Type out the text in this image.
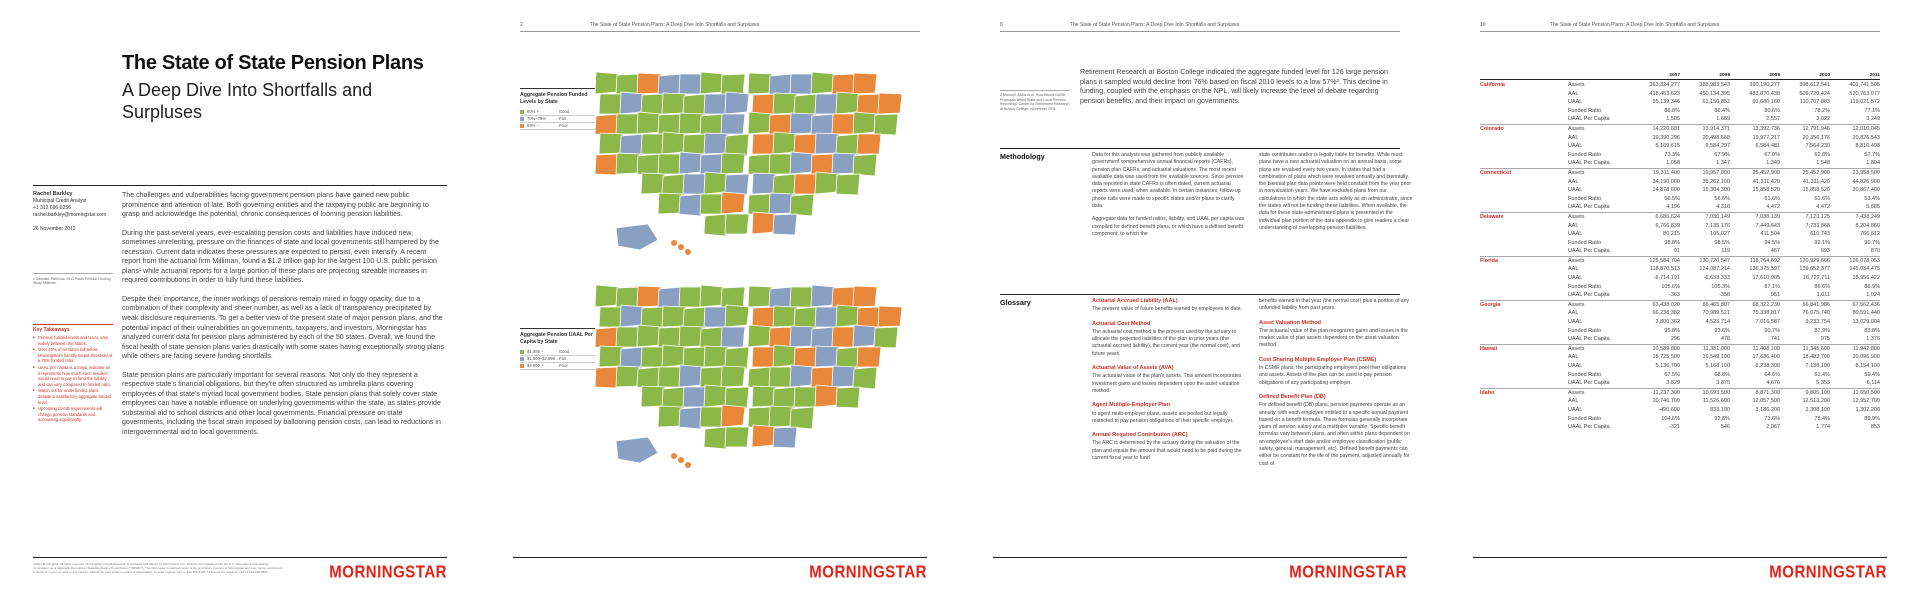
The State of State Pension Plans
A Deep Dive Into Shortfalls and Surpluses
Rachel Barkley
Municipal Credit Analyst
+1 312 696-6256
rachel.barkley@morningstar.com

26 November 2012
1 Dowman, Rebecca. 2012 Public Pension Funding Study. Milliman.
Key Takeaways
■ Pension funded levels and UAAL vary widely between the states.
■ Over 40% of all states fall below Morningstar's fiscally sound threshold of a 70% funded ratio.
■ UAAL per capita is a major indicator as it represents how much each resident would need to pay to fund the liability and can vary compared to funded ratio.
■ Watch out for underfunded plans despite a satisfactory aggregate funded level.
■ Upcoming GASB requirements will change pension standards and accounting significantly.

The challenges and vulnerabilities facing government pension plans have gained new public prominence and attention of late. Both governing entities and the taxpaying public are beginning to grasp and acknowledge the potential, chronic consequences of looming pension liabilities.

During the past several years, ever-escalating pension costs and liabilities have induced new, sometimes unrelenting, pressure on the finances of state and local governments still hampered by the recession. Current data indicates these pressures are expected to persist, even intensify. A recent report from the actuarial firm Milliman, found a $1.2 trillion gap for the largest 100 U.S. public pension plans¹ while actuarial reports for a large portion of these plans are projecting sizeable increases in required contributions in order to fully fund these liabilities.

Despite their importance, the inner workings of pensions remain mired in foggy opacity, due to a combination of their complexity and sheer number, as well as a lack of transparency precipitated by weak disclosure requirements. To get a better view of the present state of major pension plans, and the potential impact of their vulnerabilities on governments, taxpayers, and investors, Morningstar has analyzed current data for pension plans administered by each of the 50 states. Overall, we found the fiscal health of state pension plans varies drastically with some states having exceptionally strong plans while others are facing severe funding shortfalls.

State pension plans are particularly important for several reasons. Not only do they represent a respective state's financial obligations, but they're often structured as umbrella plans covering employees of that state's myriad local government bodies. State pension plans that solely cover state employees can have a notable influence on underlying governments within the state, as states provide substantial aid to school districts and other local governments. Financial pressure on state governments, including the fiscal strain imposed by ballooning pension costs, can lead to reductions in intergovernmental aid to local governments.

©2012 Morningstar. All rights reserved. Morningstar's Credit Research is produced and offered by Morningstar, Inc., which is not registered with the U.S. Securities and Exchange Commission as a Nationally Recognized Statistical Rating Organization ("NRSRO"). The information contained herein is the proprietary property of Morningstar and may not be reproduced, in whole or in part, or used in any manner, without the prior written consent of Morningstar. To order reprints, call +1 312-696-6100. To license the research, call +1 312-696-6869.	MORNINGSTAR
2	The State of State Pension Plans: A Deep Dive Into Shortfalls and Surpluses
Aggregate Pension Funded Levels by State
80% +	Good
70%–79%	Fair
69% –	Poor
Aggregate Pension UAAL Per Capita by State
$1,499 –	Good
$1,500–$2,999 Fair
$3,000 +	Poor
MORNINGSTAR
8	The State of State Pension Plans: A Deep Dive Into Shortfalls and Surpluses
2 Munnell, Alicia et al. How Would GASB Proposals Affect State and Local Pension Reporting? Center for Retirement Research at Boston College. November 2011.
Retirement Research at Boston College indicated the aggregate funded level for 126 large pension plans it sampled would decline from 76% based on fiscal 2010 levels to a low 57%². This decline in funding, coupled with the emphasis on the NPL, will likely increase the level of debate regarding pension benefits, and their impact on governments.
Methodology	Data for this analysis was gathered from publicly available government comprehensive annual financial reports (CAFRs), pension plan CAFRs, and actuarial valuations. The most recent available data was used from the available sources. Since pension data reported in state CAFRs is often dated, current actuarial reports were used, when available. In certain instances, follow-up phone calls were made to specific states and/or plans to clarify data.

Aggregate data for funded ratios, liability, and UAAL per capita was compiled for defined benefit plans, or which have a defined benefit component, to which the

state contributes and/or is legally liable for benefits. While most plans have a new actuarial valuation on an annual basis, some plans are revalued every two years. In states that had a combination of plans which were revalued annually and biennially, the biennial plan data points were held constant from the year prior in nonvaluation years. We have excluded plans from our calculations to which the state acts solely as an administrator, since the states will not be funding these liabilities. When available, the data for these state-administrated plans is presented in the individual plan portion of the data appendix to give readers a clear understanding of overlapping pension liabilities.

Glossary	Actuarial Accrued Liability (AAL)

The present value of future benefits earned by employees to date.

Actuarial Cost Method

The actuarial cost method is the process used by the actuary to allocate the projected liabilities of the plan to prior years (the actuarial accrued liability), the current year (the normal cost), and future years.

Actuarial Value of Assets (AVA)

The actuarial value of the plan's assets. This amount incorporates investment gains and losses dependent upon the asset valuation method.

Agent Multiple-Employer Plan

In agent multi-employer plans, assets are pooled but legally restricted to pay pension obligations of their specific employer.

Annual Required Contribution (ARC)

The ARC is determined by the actuary during the valuation of the plan and equals the amount that would need to be paid during the current fiscal year to fund

benefits earned in that year (the normal cost) plus a portion of any unfunded liability from past years.

Asset Valuation Method

The actuarial value of the plan recognizes gains and losses in the market value of plan assets dependent on the asset valuation method.

Cost Sharing Multiple Employer Plan (CSME)

In CSME plans, the participating employers pool their obligations and assets. Assets of the plan can be used to pay pension obligations of any participating employer.

Defined Benefit Plan (DB)

For defined benefit (DB) plans, pension payments operate as an annuity, with each employee entitled to a specific annual payment based on a benefit formula. These formulas generally incorporate years of service, salary and a multiplier variable. Specific benefit formulas vary between plans, and often within plans dependent on an employee's start date and/or employee classification (public safety, general, management, etc). Defined benefit payments can either be constant for the life of the payment, adjusted annually for cost of

MORNINGSTAR
10	The State of State Pension Plans: A Deep Dive Into Shortfalls and Surpluses
		2007	2008	2009	2010	2011
California	Assets	363,324,277	388,983,543	390,190,277	398,612,541	401,741,505
	AAL	418,463,623	450,134,395	483,870,438	509,720,424	520,763,077
	UAAL	55,139,346	61,150,852	93,680,160	110,707,883	119,021,572
	Funded Ratio	86.8%	86.4%	80.6%	78.2%	77.1%
	UAAL Per Capita	1,505	1,669	2,557	3,022	3,249
Colorado	Assets	14,220,681	13,914,371	13,392,736	12,791,946	12,010,045
	AAL	19,390,296	20,498,668	19,977,217	20,356,176	20,826,543
	UAAL	5,169,615	6,584,297	6,584,481	7,564,230	8,816,498
	Funded Ratio	73.3%	67.9%	67.0%	62.8%	57.7%
	UAAL Per Capita	1,058	1,347	1,349	1,548	1,804
Connecticut	Assets	19,311,400	19,957,800	25,452,900	25,452,900	23,958,500
	AAL	34,190,000	35,262,100	41,311,420	41,311,420	44,826,900
	UAAL	14,878,600	15,304,300	15,858,520	15,858,520	20,867,400
	Funded Ratio	56.5%	56.6%	61.6%	61.6%	53.4%
	UAAL Per Capita	4,196	4,316	4,472	4,472	5,885
Delaware	Assets	6,686,624	7,030,149	7,038,139	7,123,125	7,438,249
	AAL	6,766,839	7,135,176	7,449,643	7,733,868	8,204,860
	UAAL	80,215	105,027	411,504	610,743	766,612
	Funded Ratio	98.8%	98.5%	94.5%	92.1%	90.7%
	UAAL Per Capita	91	119	467	693	870
Florida	Assets	125,584,704	130,720,547	118,764,692	120,929,666	126,078,053
	AAL	118,870,513	124,087,214	136,375,597	139,652,377	145,034,475
	UAAL	-6,714,191	-6,633,333	17,610,905	18,722,711	18,956,422
	Funded Ratio	105.6%	105.3%	87.1%	86.6%	86.9%
	UAAL Per Capita	-363	-358	951	1,011	1,024
Georgia	Assets	63,438,020	66,465,807	68,322,230	66,841,986	67,562,436
	AAL	66,238,382	70,989,521	75,338,817	76,075,740	80,591,440
	UAAL	2,800,362	4,523,714	7,016,587	9,233,754	13,029,004
	Funded Ratio	95.8%	93.6%	90.7%	87.9%	83.8%
	UAAL Per Capita	296	478	741	975	1,376
Hawaii	Assets	10,589,800	11,381,000	11,408,100	11,345,600	11,942,800
	AAL	15,725,500	16,549,100	17,636,400	18,483,700	20,096,900
	UAAL	5,136,700	5,168,100	6,238,300	7,138,100	8,154,100
	Funded Ratio	67.5%	68.8%	64.6%	61.4%	59.4%
	UAAL Per Capita	3,829	3,875	4,676	5,353	6,114
Idaho	Assets	11,237,300	10,693,500	8,871,300	9,805,100	11,650,500
	AAL	10,746,700	11,526,600	12,057,500	12,513,200	12,952,700
	UAAL	-490,600	833,100	3,186,200	2,308,100	1,302,200
	Funded Ratio	104.6%	92.8%	73.6%	78.4%	89.9%
	UAAL Per Capita	-321	546	2,067	1,774	853
MORNINGSTAR
